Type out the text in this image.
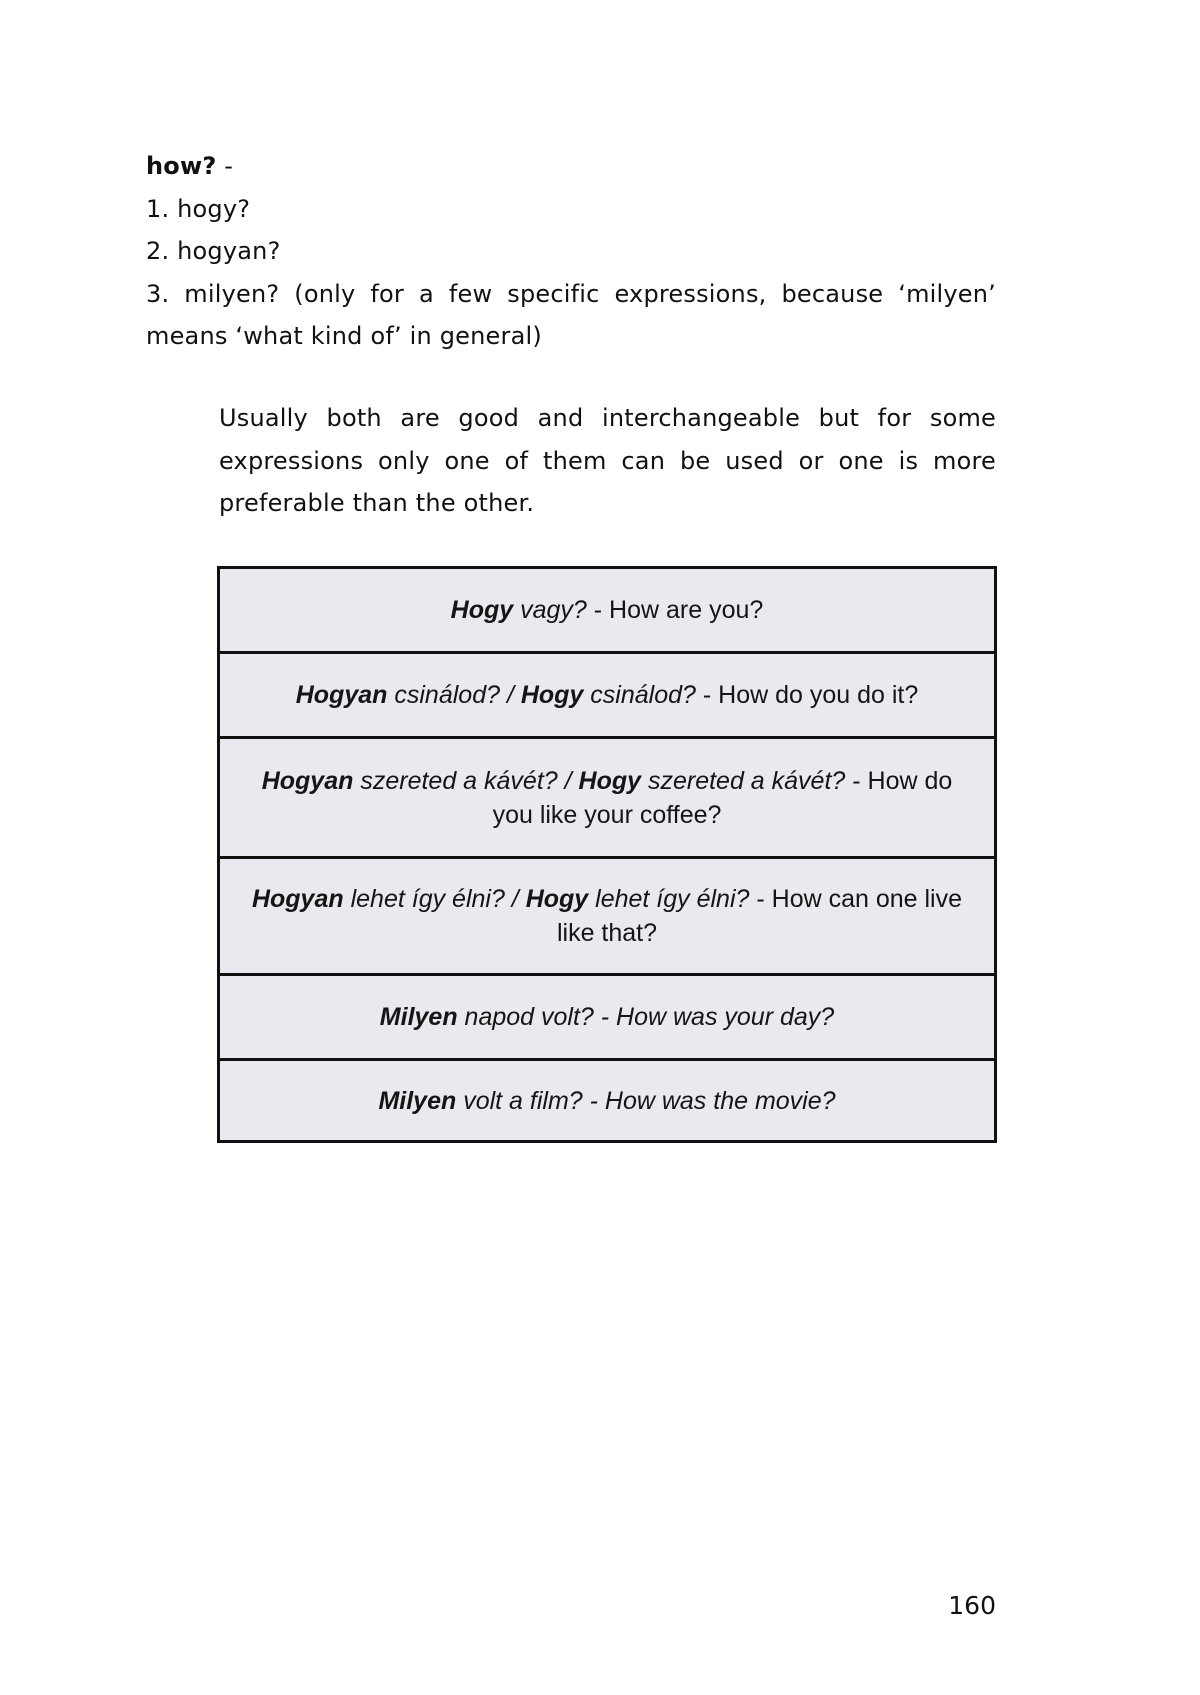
how? -
1. hogy?
2. hogyan?
3. milyen? (only for a few specific expressions, because ‘milyen’ means ‘what kind of’ in general)
Usually both are good and interchangeable but for some expressions only one of them can be used or one is more preferable than the other.
Hogy vagy? - How are you?
Hogyan csinálod? / Hogy csinálod? - How do you do it?
Hogyan szereted a kávét? / Hogy szereted a kávét? - How do you like your coffee?
Hogyan lehet így élni? / Hogy lehet így élni? - How can one live like that?
Milyen napod volt? - How was your day?
Milyen volt a film? - How was the movie?
160
